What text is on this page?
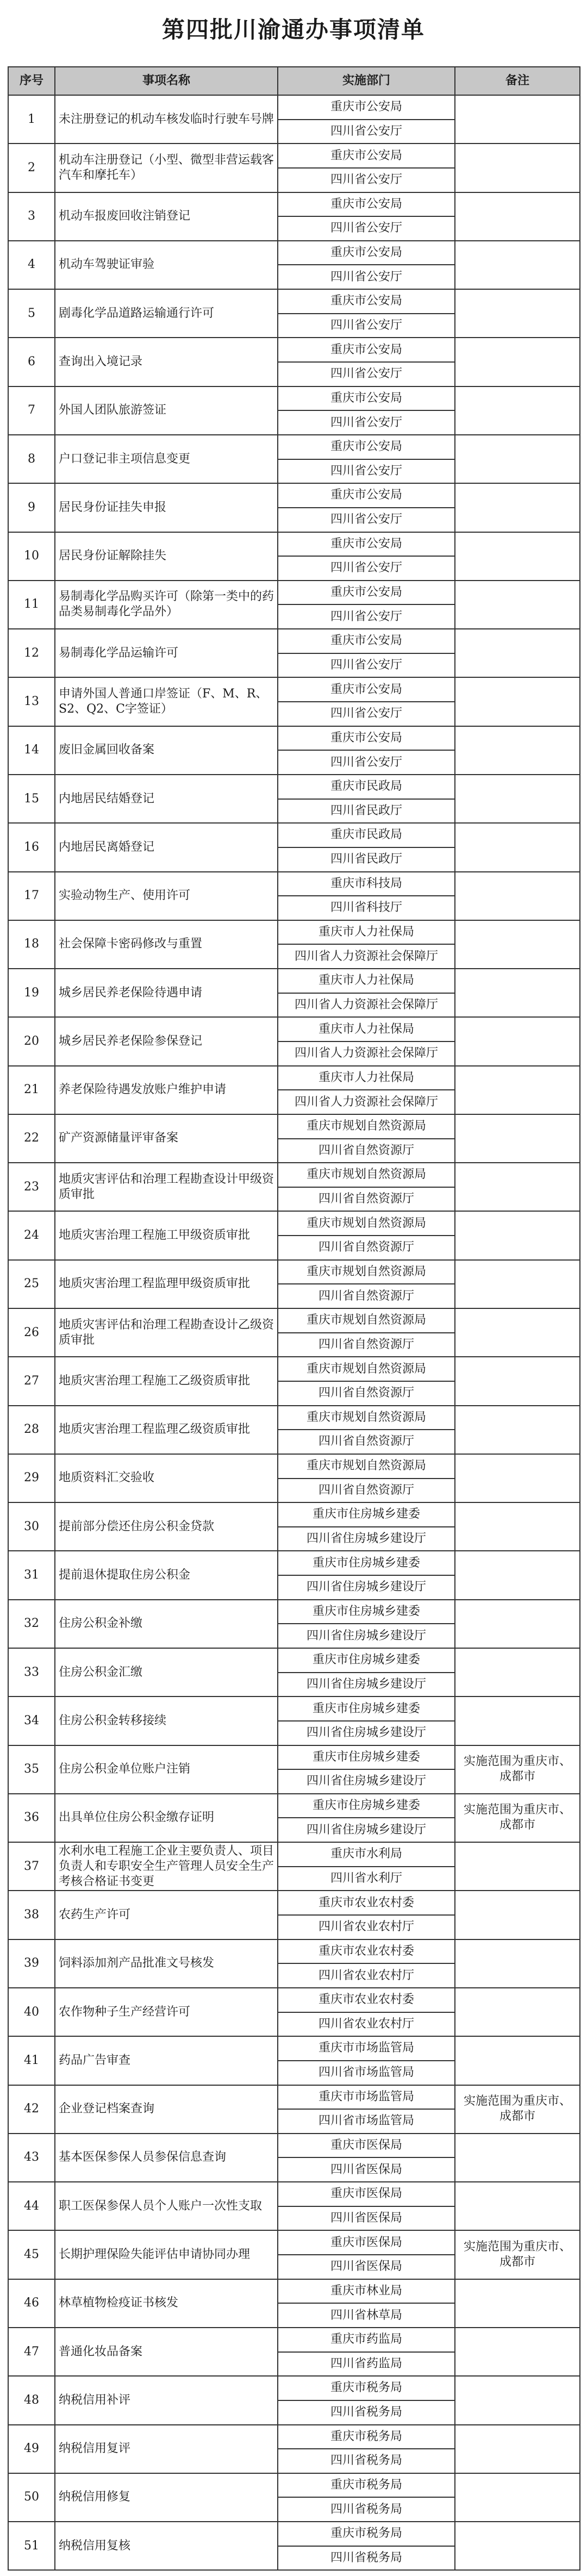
第四批川渝通办事项清单
序号	事项名称	实施部门	备注
1	未注册登记的机动车核发临时行驶车号牌	重庆市公安局	
		四川省公安厅	
2	机动车注册登记（小型、微型非营运载客汽车和摩托车）	重庆市公安局	
		四川省公安厅	
3	机动车报废回收注销登记	重庆市公安局	
		四川省公安厅	
4	机动车驾驶证审验	重庆市公安局	
		四川省公安厅	
5	剧毒化学品道路运输通行许可	重庆市公安局	
		四川省公安厅	
6	查询出入境记录	重庆市公安局	
		四川省公安厅	
7	外国人团队旅游签证	重庆市公安局	
		四川省公安厅	
8	户口登记非主项信息变更	重庆市公安局	
		四川省公安厅	
9	居民身份证挂失申报	重庆市公安局	
		四川省公安厅	
10	居民身份证解除挂失	重庆市公安局	
		四川省公安厅	
11	易制毒化学品购买许可（除第一类中的药品类易制毒化学品外）	重庆市公安局	
		四川省公安厅	
12	易制毒化学品运输许可	重庆市公安局	
		四川省公安厅	
13	申请外国人普通口岸签证（F、M、R、S2、Q2、C字签证）	重庆市公安局	
		四川省公安厅	
14	废旧金属回收备案	重庆市公安局	
		四川省公安厅	
15	内地居民结婚登记	重庆市民政局	
		四川省民政厅	
16	内地居民离婚登记	重庆市民政局	
		四川省民政厅	
17	实验动物生产、使用许可	重庆市科技局	
		四川省科技厅	
18	社会保障卡密码修改与重置	重庆市人力社保局	
		四川省人力资源社会保障厅	
19	城乡居民养老保险待遇申请	重庆市人力社保局	
		四川省人力资源社会保障厅	
20	城乡居民养老保险参保登记	重庆市人力社保局	
		四川省人力资源社会保障厅	
21	养老保险待遇发放账户维护申请	重庆市人力社保局	
		四川省人力资源社会保障厅	
22	矿产资源储量评审备案	重庆市规划自然资源局	
		四川省自然资源厅	
23	地质灾害评估和治理工程勘查设计甲级资质审批	重庆市规划自然资源局	
		四川省自然资源厅	
24	地质灾害治理工程施工甲级资质审批	重庆市规划自然资源局	
		四川省自然资源厅	
25	地质灾害治理工程监理甲级资质审批	重庆市规划自然资源局	
		四川省自然资源厅	
26	地质灾害评估和治理工程勘查设计乙级资质审批	重庆市规划自然资源局	
		四川省自然资源厅	
27	地质灾害治理工程施工乙级资质审批	重庆市规划自然资源局	
		四川省自然资源厅	
28	地质灾害治理工程监理乙级资质审批	重庆市规划自然资源局	
		四川省自然资源厅	
29	地质资料汇交验收	重庆市规划自然资源局	
		四川省自然资源厅	
30	提前部分偿还住房公积金贷款	重庆市住房城乡建委	
		四川省住房城乡建设厅	
31	提前退休提取住房公积金	重庆市住房城乡建委	
		四川省住房城乡建设厅	
32	住房公积金补缴	重庆市住房城乡建委	
		四川省住房城乡建设厅	
33	住房公积金汇缴	重庆市住房城乡建委	
		四川省住房城乡建设厅	
34	住房公积金转移接续	重庆市住房城乡建委	
		四川省住房城乡建设厅	
35	住房公积金单位账户注销	重庆市住房城乡建委	实施范围为重庆市、成都市
		四川省住房城乡建设厅	
36	出具单位住房公积金缴存证明	重庆市住房城乡建委	实施范围为重庆市、成都市
		四川省住房城乡建设厅	
37	水利水电工程施工企业主要负责人、项目负责人和专职安全生产管理人员安全生产考核合格证书变更	重庆市水利局	
		四川省水利厅	
38	农药生产许可	重庆市农业农村委	
		四川省农业农村厅	
39	饲料添加剂产品批准文号核发	重庆市农业农村委	
		四川省农业农村厅	
40	农作物种子生产经营许可	重庆市农业农村委	
		四川省农业农村厅	
41	药品广告审查	重庆市市场监管局	
		四川省市场监管局	
42	企业登记档案查询	重庆市市场监管局	实施范围为重庆市、成都市
		四川省市场监管局	
43	基本医保参保人员参保信息查询	重庆市医保局	
		四川省医保局	
44	职工医保参保人员个人账户一次性支取	重庆市医保局	
		四川省医保局	
45	长期护理保险失能评估申请协同办理	重庆市医保局	实施范围为重庆市、成都市
		四川省医保局	
46	林草植物检疫证书核发	重庆市林业局	
		四川省林草局	
47	普通化妆品备案	重庆市药监局	
		四川省药监局	
48	纳税信用补评	重庆市税务局	
		四川省税务局	
49	纳税信用复评	重庆市税务局	
		四川省税务局	
50	纳税信用修复	重庆市税务局	
		四川省税务局	
51	纳税信用复核	重庆市税务局	
		四川省税务局	
